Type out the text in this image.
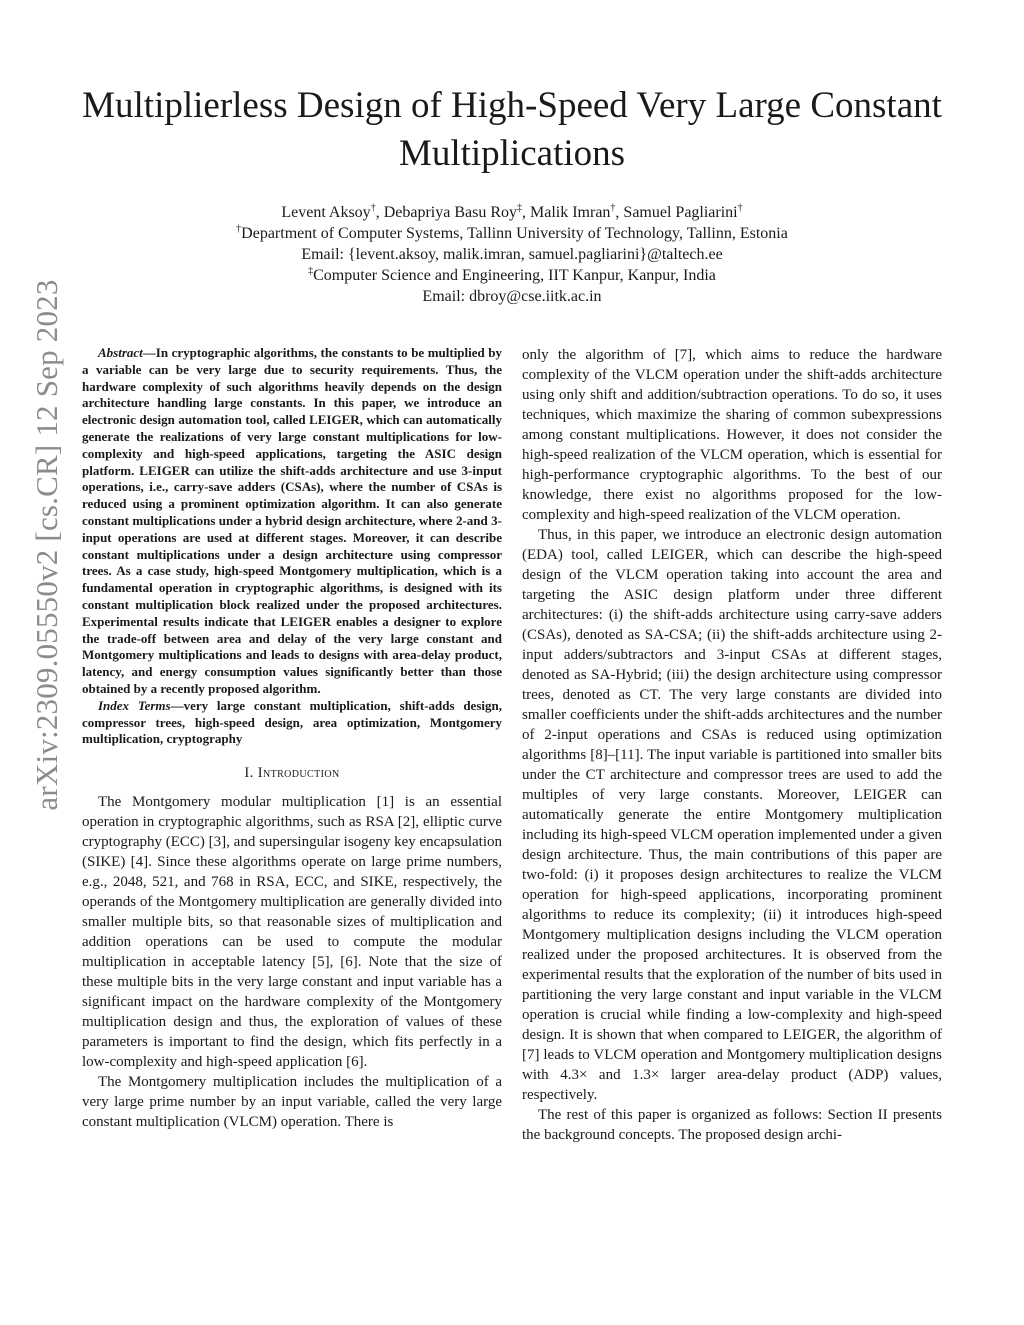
Multiplierless Design of High-Speed Very Large Constant Multiplications
Levent Aksoy†, Debapriya Basu Roy‡, Malik Imran†, Samuel Pagliarini†
†Department of Computer Systems, Tallinn University of Technology, Tallinn, Estonia
Email: {levent.aksoy, malik.imran, samuel.pagliarini}@taltech.ee
‡Computer Science and Engineering, IIT Kanpur, Kanpur, India
Email: dbroy@cse.iitk.ac.in
arXiv:2309.05550v2 [cs.CR] 12 Sep 2023	Abstract—In cryptographic algorithms, the constants to be multiplied by a variable can be very large due to security requirements. Thus, the hardware complexity of such algorithms heavily depends on the design architecture handling large constants. In this paper, we introduce an electronic design automation tool, called LEIGER, which can automatically generate the realizations of very large constant multiplications for low-complexity and high-speed applications, targeting the ASIC design platform. LEIGER can utilize the shift-adds architecture and use 3-input operations, i.e., carry-save adders (CSAs), where the number of CSAs is reduced using a prominent optimization algorithm. It can also generate constant multiplications under a hybrid design architecture, where 2-and 3-input operations are used at different stages. Moreover, it can describe constant multiplications under a design architecture using compressor trees. As a case study, high-speed Montgomery multiplication, which is a fundamental operation in cryptographic algorithms, is designed with its constant multiplication block realized under the proposed architectures. Experimental results indicate that LEIGER enables a designer to explore the trade-off between area and delay of the very large constant and Montgomery multiplications and leads to designs with area-delay product, latency, and energy consumption values significantly better than those obtained by a recently proposed algorithm.

Index Terms—very large constant multiplication, shift-adds design, compressor trees, high-speed design, area optimization, Montgomery multiplication, cryptography

I. Introduction

The Montgomery modular multiplication [1] is an essential operation in cryptographic algorithms, such as RSA [2], elliptic curve cryptography (ECC) [3], and supersingular isogeny key encapsulation (SIKE) [4]. Since these algorithms operate on large prime numbers, e.g., 2048, 521, and 768 in RSA, ECC, and SIKE, respectively, the operands of the Montgomery multiplication are generally divided into smaller multiple bits, so that reasonable sizes of multiplication and addition operations can be used to compute the modular multiplication in acceptable latency [5], [6]. Note that the size of these multiple bits in the very large constant and input variable has a significant impact on the hardware complexity of the Montgomery multiplication design and thus, the exploration of values of these parameters is important to find the design, which fits perfectly in a low-complexity and high-speed application [6].

The Montgomery multiplication includes the multiplication of a very large prime number by an input variable, called the very large constant multiplication (VLCM) operation. There is

only the algorithm of [7], which aims to reduce the hardware complexity of the VLCM operation under the shift-adds architecture using only shift and addition/subtraction operations. To do so, it uses techniques, which maximize the sharing of common subexpressions among constant multiplications. However, it does not consider the high-speed realization of the VLCM operation, which is essential for high-performance cryptographic algorithms. To the best of our knowledge, there exist no algorithms proposed for the low-complexity and high-speed realization of the VLCM operation.

Thus, in this paper, we introduce an electronic design automation (EDA) tool, called LEIGER, which can describe the high-speed design of the VLCM operation taking into account the area and targeting the ASIC design platform under three different architectures: (i) the shift-adds architecture using carry-save adders (CSAs), denoted as SA-CSA; (ii) the shift-adds architecture using 2-input adders/subtractors and 3-input CSAs at different stages, denoted as SA-Hybrid; (iii) the design architecture using compressor trees, denoted as CT. The very large constants are divided into smaller coefficients under the shift-adds architectures and the number of 2-input operations and CSAs is reduced using optimization algorithms [8]–[11]. The input variable is partitioned into smaller bits under the CT architecture and compressor trees are used to add the multiples of very large constants. Moreover, LEIGER can automatically generate the entire Montgomery multiplication including its high-speed VLCM operation implemented under a given design architecture. Thus, the main contributions of this paper are two-fold: (i) it proposes design architectures to realize the VLCM operation for high-speed applications, incorporating prominent algorithms to reduce its complexity; (ii) it introduces high-speed Montgomery multiplication designs including the VLCM operation realized under the proposed architectures. It is observed from the experimental results that the exploration of the number of bits used in partitioning the very large constant and input variable in the VLCM operation is crucial while finding a low-complexity and high-speed design. It is shown that when compared to LEIGER, the algorithm of [7] leads to VLCM operation and Montgomery multiplication designs with 4.3× and 1.3× larger area-delay product (ADP) values, respectively.

The rest of this paper is organized as follows: Section II presents the background concepts. The proposed design archi-
